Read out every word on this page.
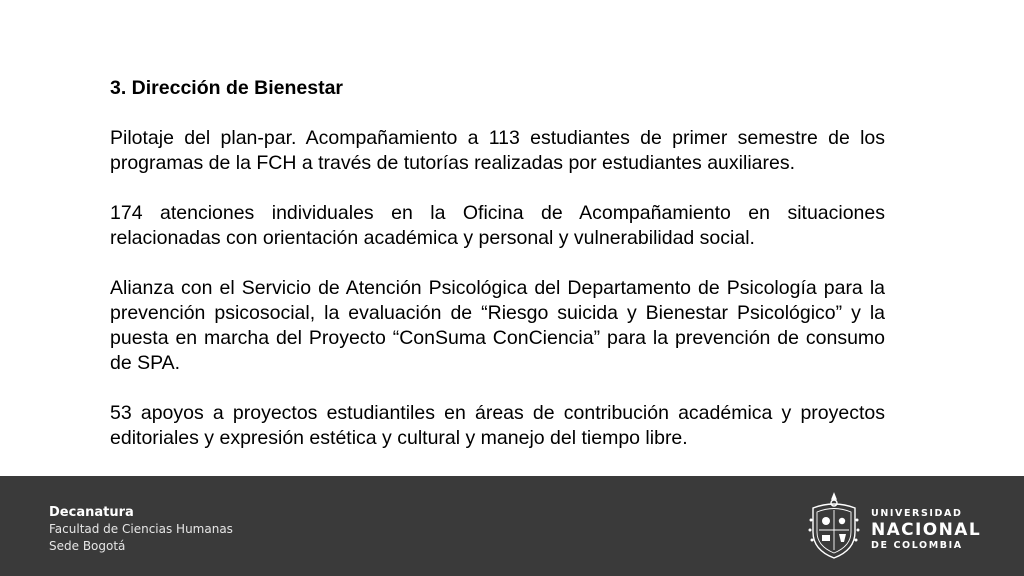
3. Dirección de Bienestar

Pilotaje del plan-par. Acompañamiento a 113 estudiantes de primer semestre de los programas de la FCH a través de tutorías realizadas por estudiantes auxiliares.

174 atenciones individuales en la Oficina de Acompañamiento en situaciones relacionadas con orientación académica y personal y vulnerabilidad social.

Alianza con el Servicio de Atención Psicológica del Departamento de Psicología para la prevención psicosocial, la evaluación de “Riesgo suicida y Bienestar Psicológico” y la puesta en marcha del Proyecto “ConSuma ConCiencia” para la prevención de consumo de SPA.

53 apoyos a proyectos estudiantiles en áreas de contribución académica y proyectos editoriales y expresión estética y cultural y manejo del tiempo libre.

Decanatura
Facultad de Ciencias Humanas
Sede Bogotá
UNIVERSIDAD
NACIONAL
DE COLOMBIA
